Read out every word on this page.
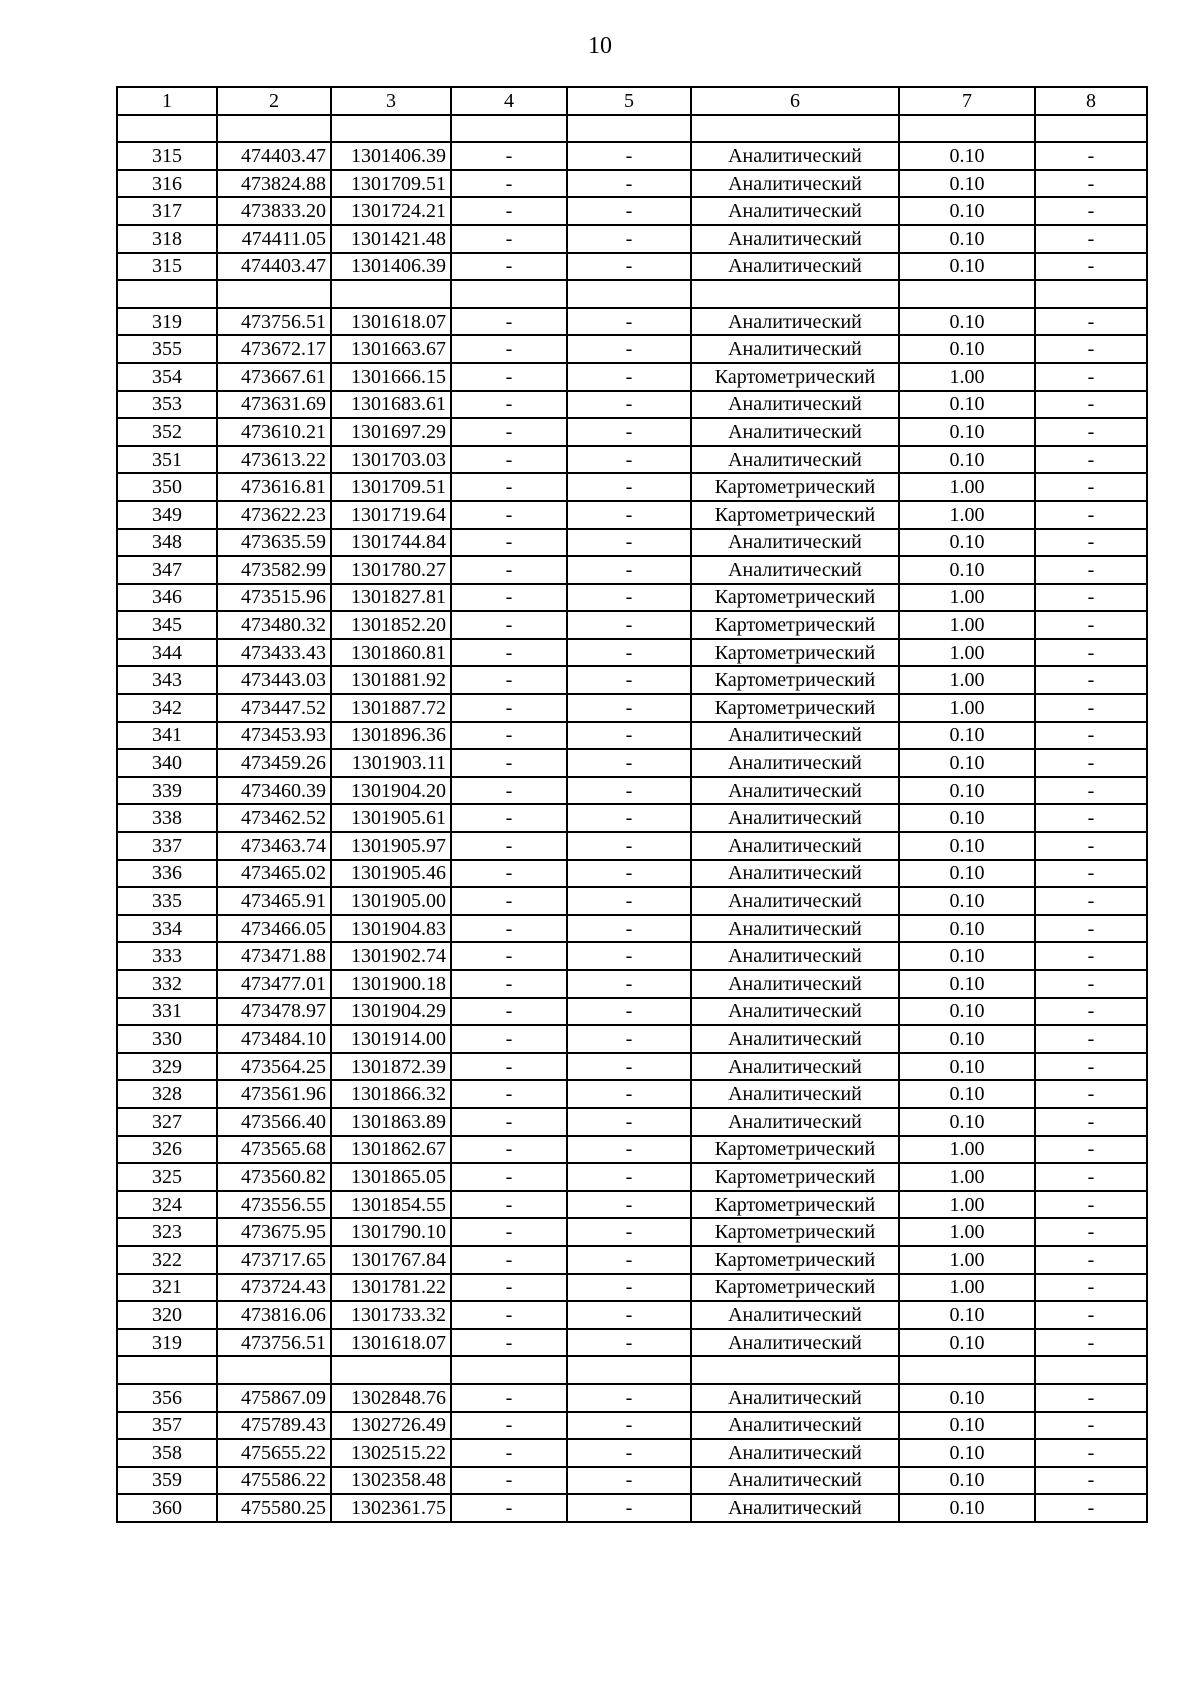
10
1	2	3	4	5	6	7	8

315	474403.47	1301406.39	-	-	Аналитический	0.10	-
316	473824.88	1301709.51	-	-	Аналитический	0.10	-
317	473833.20	1301724.21	-	-	Аналитический	0.10	-
318	474411.05	1301421.48	-	-	Аналитический	0.10	-
315	474403.47	1301406.39	-	-	Аналитический	0.10	-

319	473756.51	1301618.07	-	-	Аналитический	0.10	-
355	473672.17	1301663.67	-	-	Аналитический	0.10	-
354	473667.61	1301666.15	-	-	Картометрический	1.00	-
353	473631.69	1301683.61	-	-	Аналитический	0.10	-
352	473610.21	1301697.29	-	-	Аналитический	0.10	-
351	473613.22	1301703.03	-	-	Аналитический	0.10	-
350	473616.81	1301709.51	-	-	Картометрический	1.00	-
349	473622.23	1301719.64	-	-	Картометрический	1.00	-
348	473635.59	1301744.84	-	-	Аналитический	0.10	-
347	473582.99	1301780.27	-	-	Аналитический	0.10	-
346	473515.96	1301827.81	-	-	Картометрический	1.00	-
345	473480.32	1301852.20	-	-	Картометрический	1.00	-
344	473433.43	1301860.81	-	-	Картометрический	1.00	-
343	473443.03	1301881.92	-	-	Картометрический	1.00	-
342	473447.52	1301887.72	-	-	Картометрический	1.00	-
341	473453.93	1301896.36	-	-	Аналитический	0.10	-
340	473459.26	1301903.11	-	-	Аналитический	0.10	-
339	473460.39	1301904.20	-	-	Аналитический	0.10	-
338	473462.52	1301905.61	-	-	Аналитический	0.10	-
337	473463.74	1301905.97	-	-	Аналитический	0.10	-
336	473465.02	1301905.46	-	-	Аналитический	0.10	-
335	473465.91	1301905.00	-	-	Аналитический	0.10	-
334	473466.05	1301904.83	-	-	Аналитический	0.10	-
333	473471.88	1301902.74	-	-	Аналитический	0.10	-
332	473477.01	1301900.18	-	-	Аналитический	0.10	-
331	473478.97	1301904.29	-	-	Аналитический	0.10	-
330	473484.10	1301914.00	-	-	Аналитический	0.10	-
329	473564.25	1301872.39	-	-	Аналитический	0.10	-
328	473561.96	1301866.32	-	-	Аналитический	0.10	-
327	473566.40	1301863.89	-	-	Аналитический	0.10	-
326	473565.68	1301862.67	-	-	Картометрический	1.00	-
325	473560.82	1301865.05	-	-	Картометрический	1.00	-
324	473556.55	1301854.55	-	-	Картометрический	1.00	-
323	473675.95	1301790.10	-	-	Картометрический	1.00	-
322	473717.65	1301767.84	-	-	Картометрический	1.00	-
321	473724.43	1301781.22	-	-	Картометрический	1.00	-
320	473816.06	1301733.32	-	-	Аналитический	0.10	-
319	473756.51	1301618.07	-	-	Аналитический	0.10	-

356	475867.09	1302848.76	-	-	Аналитический	0.10	-
357	475789.43	1302726.49	-	-	Аналитический	0.10	-
358	475655.22	1302515.22	-	-	Аналитический	0.10	-
359	475586.22	1302358.48	-	-	Аналитический	0.10	-
360	475580.25	1302361.75	-	-	Аналитический	0.10	-
